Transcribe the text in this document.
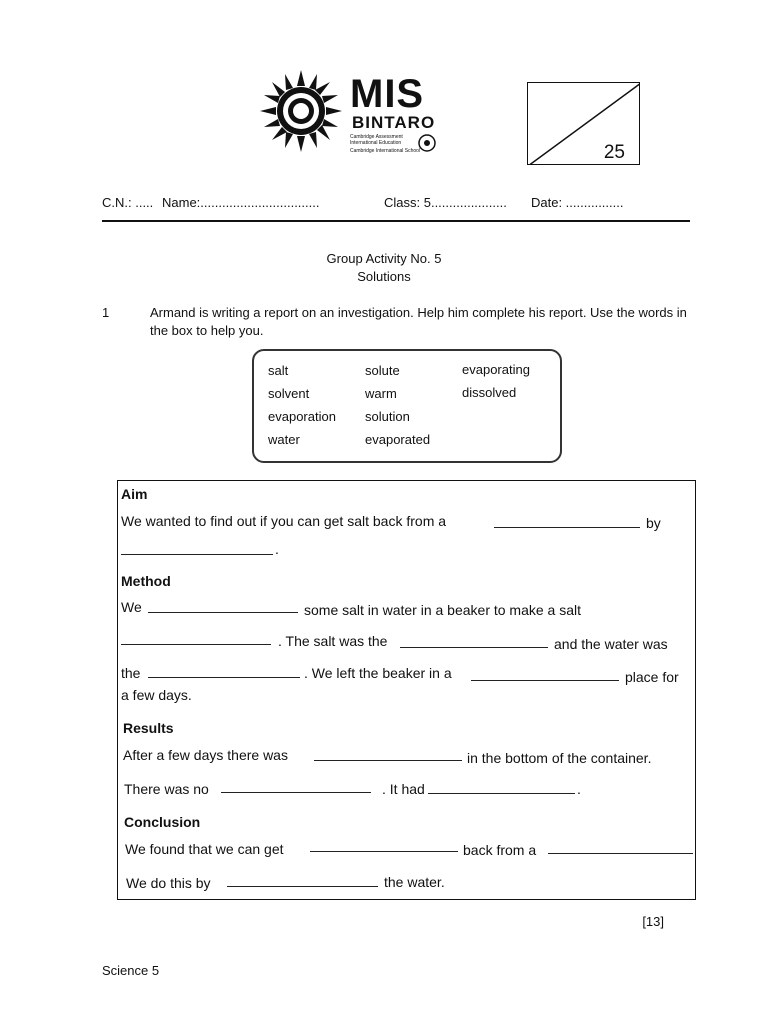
MIS
BINTARO
Cambridge Assessment International Education
Cambridge International School	25
C.N.: ..... Name:.................................	Class: 5..................... Date: ................
Group Activity No. 5
Solutions
1	Armand is writing a report on an investigation. Help him complete his report. Use the words in the box to help you.
salt
solvent
evaporation
water
solute
warm
solution
evaporated
evaporating
dissolved
Aim
We wanted to find out if you can get salt back from a	by
.
Method
We	some salt in water in a beaker to make a salt
. The salt was the	and the water was
the	. We left the beaker in a	place for
a few days.
Results
After a few days there was	in the bottom of the container.
There was no	. It had	.
Conclusion
We found that we can get	back from a
We do this by	the water.
[13]
Science 5
